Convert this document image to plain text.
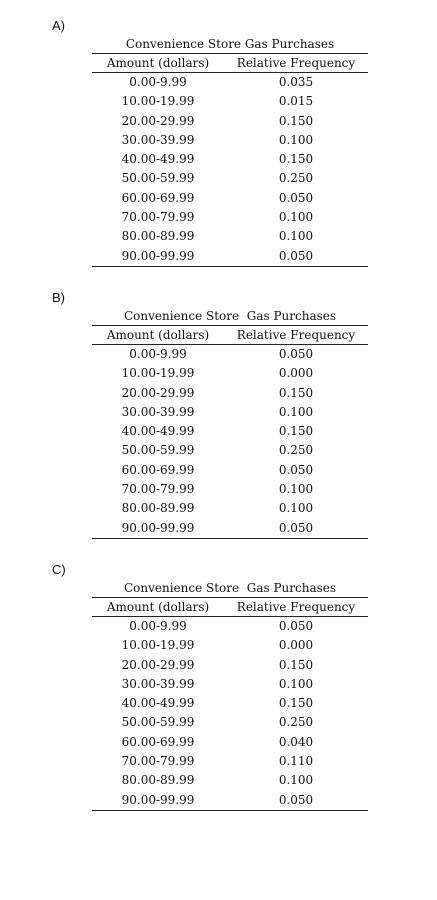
A)
Convenience Store Gas Purchases
Amount (dollars)	Relative Frequency
0.00-9.99	0.035
10.00-19.99	0.015
20.00-29.99	0.150
30.00-39.99	0.100
40.00-49.99	0.150
50.00-59.99	0.250
60.00-69.99	0.050
70.00-79.99	0.100
80.00-89.99	0.100
90.00-99.99	0.050
B)
Convenience Store  Gas Purchases
Amount (dollars)	Relative Frequency
0.00-9.99	0.050
10.00-19.99	0.000
20.00-29.99	0.150
30.00-39.99	0.100
40.00-49.99	0.150
50.00-59.99	0.250
60.00-69.99	0.050
70.00-79.99	0.100
80.00-89.99	0.100
90.00-99.99	0.050
C)
Convenience Store  Gas Purchases
Amount (dollars)	Relative Frequency
0.00-9.99	0.050
10.00-19.99	0.000
20.00-29.99	0.150
30.00-39.99	0.100
40.00-49.99	0.150
50.00-59.99	0.250
60.00-69.99	0.040
70.00-79.99	0.110
80.00-89.99	0.100
90.00-99.99	0.050
